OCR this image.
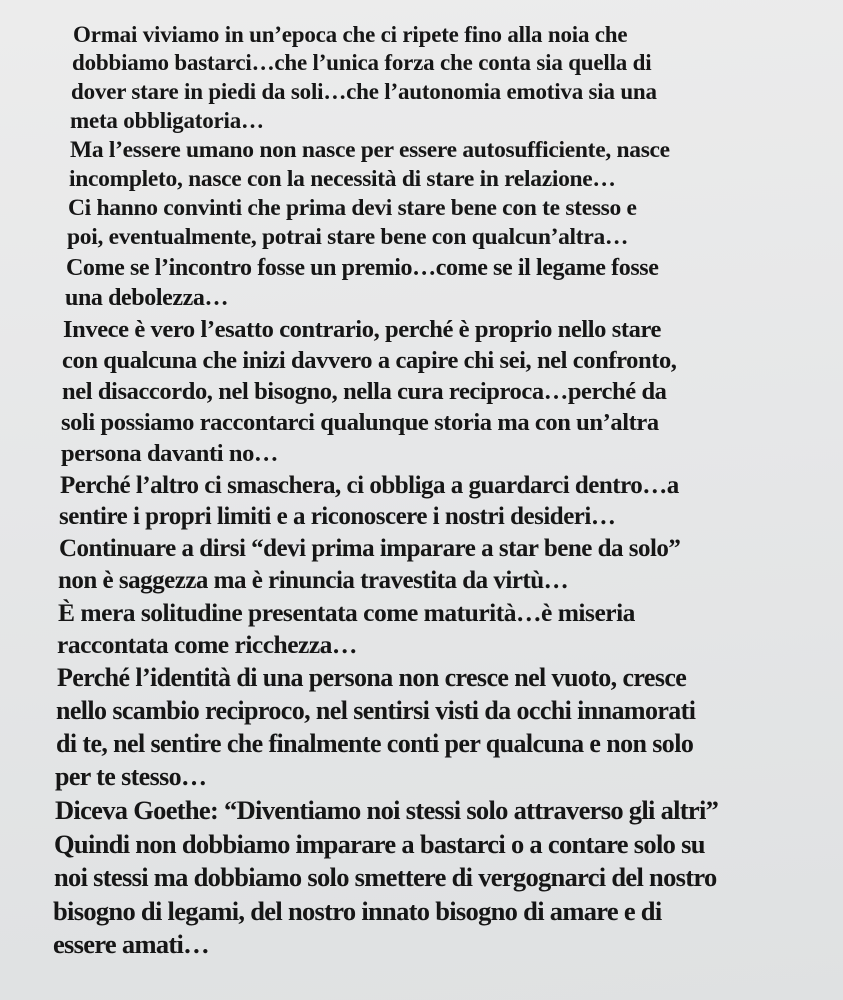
Ormai viviamo in un’epoca che ci ripete fino alla noia che
dobbiamo bastarci…che l’unica forza che conta sia quella di
dover stare in piedi da soli…che l’autonomia emotiva sia una
meta obbligatoria…
Ma l’essere umano non nasce per essere autosufficiente, nasce
incompleto, nasce con la necessità di stare in relazione…
Ci hanno convinti che prima devi stare bene con te stesso e
poi, eventualmente, potrai stare bene con qualcun’altra…
Come se l’incontro fosse un premio…come se il legame fosse
una debolezza…
Invece è vero l’esatto contrario, perché è proprio nello stare
con qualcuna che inizi davvero a capire chi sei, nel confronto,
nel disaccordo, nel bisogno, nella cura reciproca…perché da
soli possiamo raccontarci qualunque storia ma con un’altra
persona davanti no…
Perché l’altro ci smaschera, ci obbliga a guardarci dentro…a
sentire i propri limiti e a riconoscere i nostri desideri…
Continuare a dirsi “devi prima imparare a star bene da solo”
non è saggezza ma è rinuncia travestita da virtù…
È mera solitudine presentata come maturità…è miseria
raccontata come ricchezza…
Perché l’identità di una persona non cresce nel vuoto, cresce
nello scambio reciproco, nel sentirsi visti da occhi innamorati
di te, nel sentire che finalmente conti per qualcuna e non solo
per te stesso…
Diceva Goethe: “Diventiamo noi stessi solo attraverso gli altri”
Quindi non dobbiamo imparare a bastarci o a contare solo su
noi stessi ma dobbiamo solo smettere di vergognarci del nostro
bisogno di legami, del nostro innato bisogno di amare e di
essere amati…
